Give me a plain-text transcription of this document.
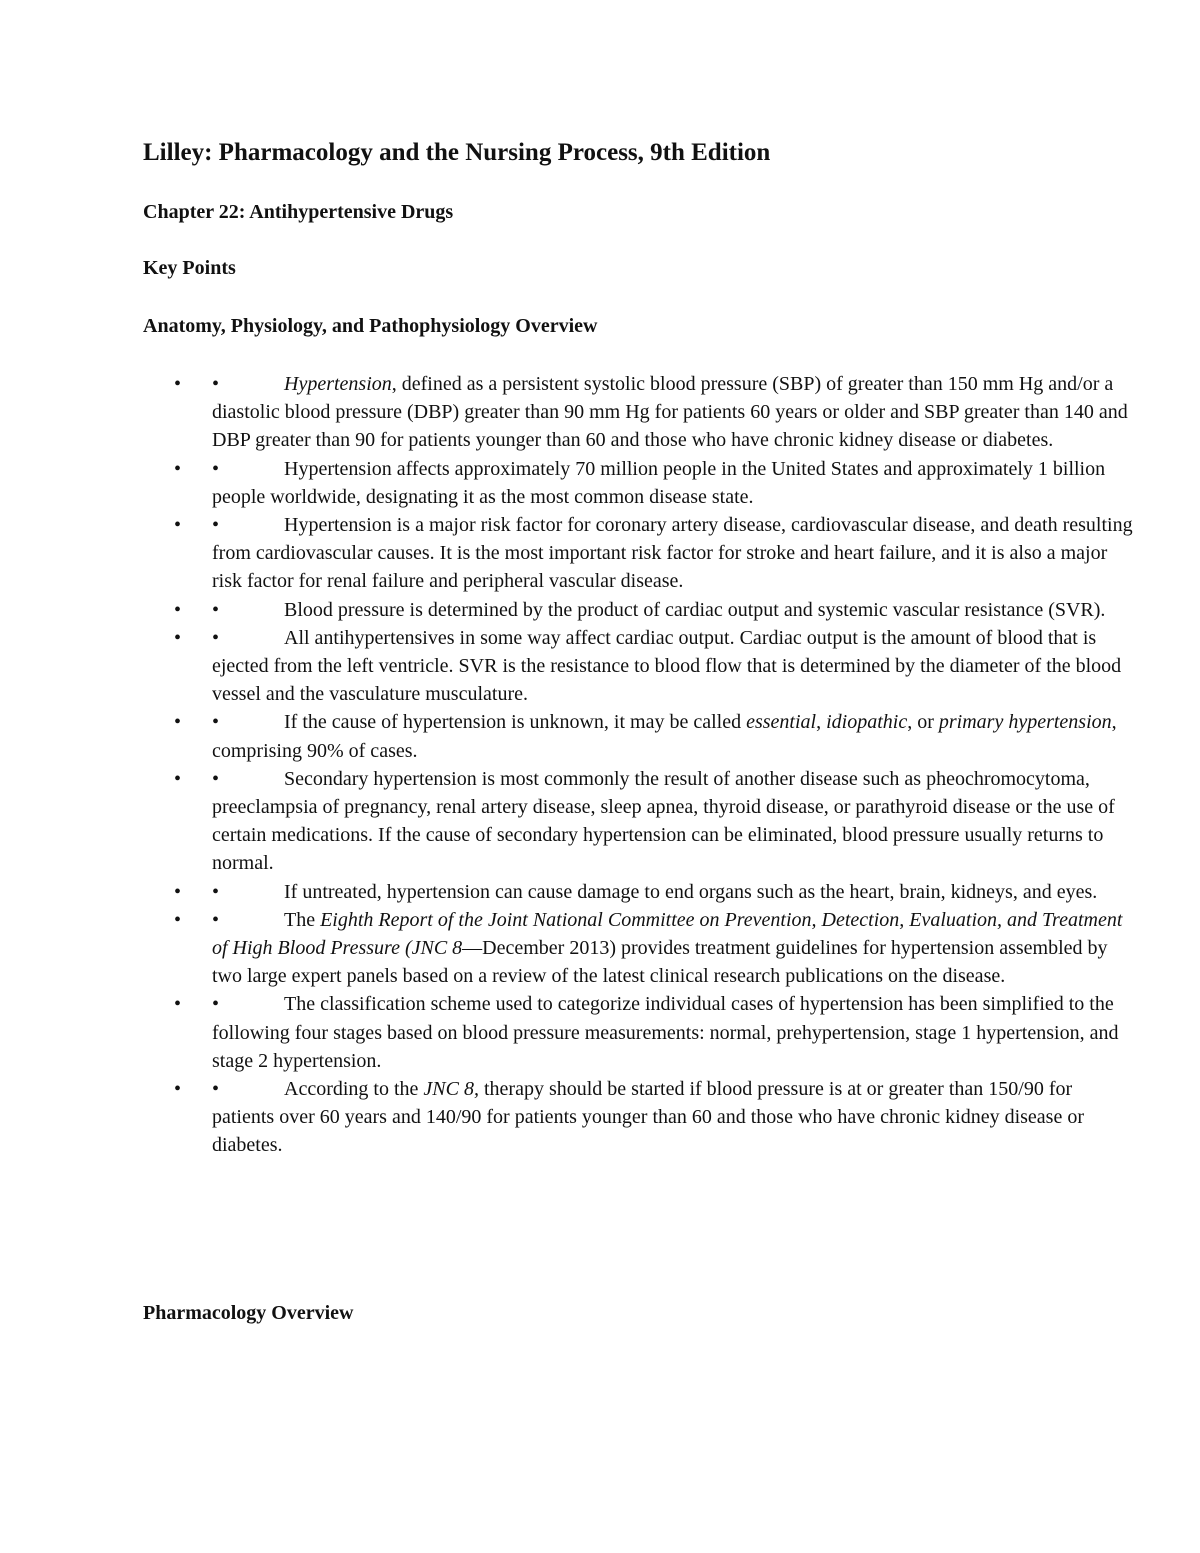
Lilley: Pharmacology and the Nursing Process, 9th Edition
Chapter 22: Antihypertensive Drugs
Key Points
Anatomy, Physiology, and Pathophysiology Overview
• •	Hypertension, defined as a persistent systolic blood pressure (SBP) of greater than 150 mm Hg and/or a diastolic blood pressure (DBP) greater than 90 mm Hg for patients 60 years or older and SBP greater than 140 and DBP greater than 90 for patients younger than 60 and those who have chronic kidney disease or diabetes.
• •	Hypertension affects approximately 70 million people in the United States and approximately 1 billion people worldwide, designating it as the most common disease state.
• •	Hypertension is a major risk factor for coronary artery disease, cardiovascular disease, and death resulting from cardiovascular causes. It is the most important risk factor for stroke and heart failure, and it is also a major risk factor for renal failure and peripheral vascular disease.
• •	Blood pressure is determined by the product of cardiac output and systemic vascular resistance (SVR).
• •	All antihypertensives in some way affect cardiac output. Cardiac output is the amount of blood that is ejected from the left ventricle. SVR is the resistance to blood flow that is determined by the diameter of the blood vessel and the vasculature musculature.
• •	If the cause of hypertension is unknown, it may be called essential, idiopathic, or primary hypertension, comprising 90% of cases.
• •	Secondary hypertension is most commonly the result of another disease such as pheochromocytoma, preeclampsia of pregnancy, renal artery disease, sleep apnea, thyroid disease, or parathyroid disease or the use of certain medications. If the cause of secondary hypertension can be eliminated, blood pressure usually returns to normal.
• •	If untreated, hypertension can cause damage to end organs such as the heart, brain, kidneys, and eyes.
• •	The Eighth Report of the Joint National Committee on Prevention, Detection, Evaluation, and Treatment of High Blood Pressure (JNC 8—December 2013) provides treatment guidelines for hypertension assembled by two large expert panels based on a review of the latest clinical research publications on the disease.
• •	The classification scheme used to categorize individual cases of hypertension has been simplified to the following four stages based on blood pressure measurements: normal, prehypertension, stage 1 hypertension, and stage 2 hypertension.
• •	According to the JNC 8, therapy should be started if blood pressure is at or greater than 150/90 for patients over 60 years and 140/90 for patients younger than 60 and those who have chronic kidney disease or diabetes.
Pharmacology Overview
